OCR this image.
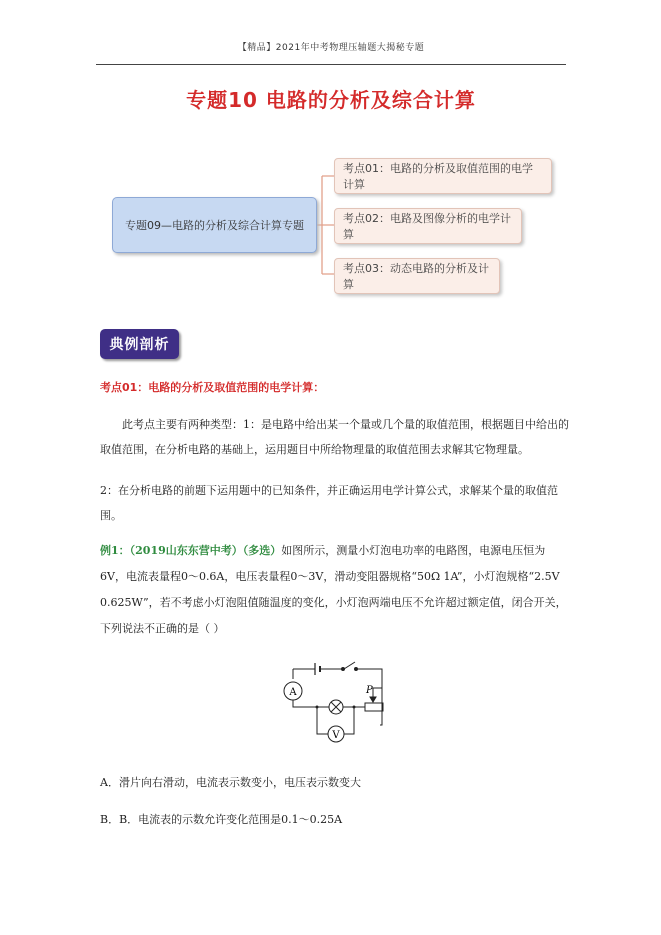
【精品】2021年中考物理压轴题大揭秘专题
专题10 电路的分析及综合计算
专题09—电路的分析及综合计算专题
考点01：电路的分析及取值范围的电学计算
考点02：电路及图像分析的电学计算
考点03：动态电路的分析及计算
典例剖析
考点01：电路的分析及取值范围的电学计算：
此考点主要有两种类型：1：是电路中给出某一个量或几个量的取值范围，根据题目中给出的取值范围，在分析电路的基础上，运用题目中所给物理量的取值范围去求解其它物理量。
2：在分析电路的前题下运用题中的已知条件，并正确运用电学计算公式，求解某个量的取值范围。
例1：（2019山东东营中考）（多选）如图所示，测量小灯泡电功率的电路图，电源电压恒为6V，电流表量程0～0.6A，电压表量程0～3V，滑动变阻器规格“50Ω 1A”，小灯泡规格“2.5V 0.625W”，若不考虑小灯泡阻值随温度的变化，小灯泡两端电压不允许超过额定值，闭合开关，下列说法不正确的是（ ）
A
V
P
A．滑片向右滑动，电流表示数变小，电压表示数变大
B．B．电流表的示数允许变化范围是0.1～0.25A
